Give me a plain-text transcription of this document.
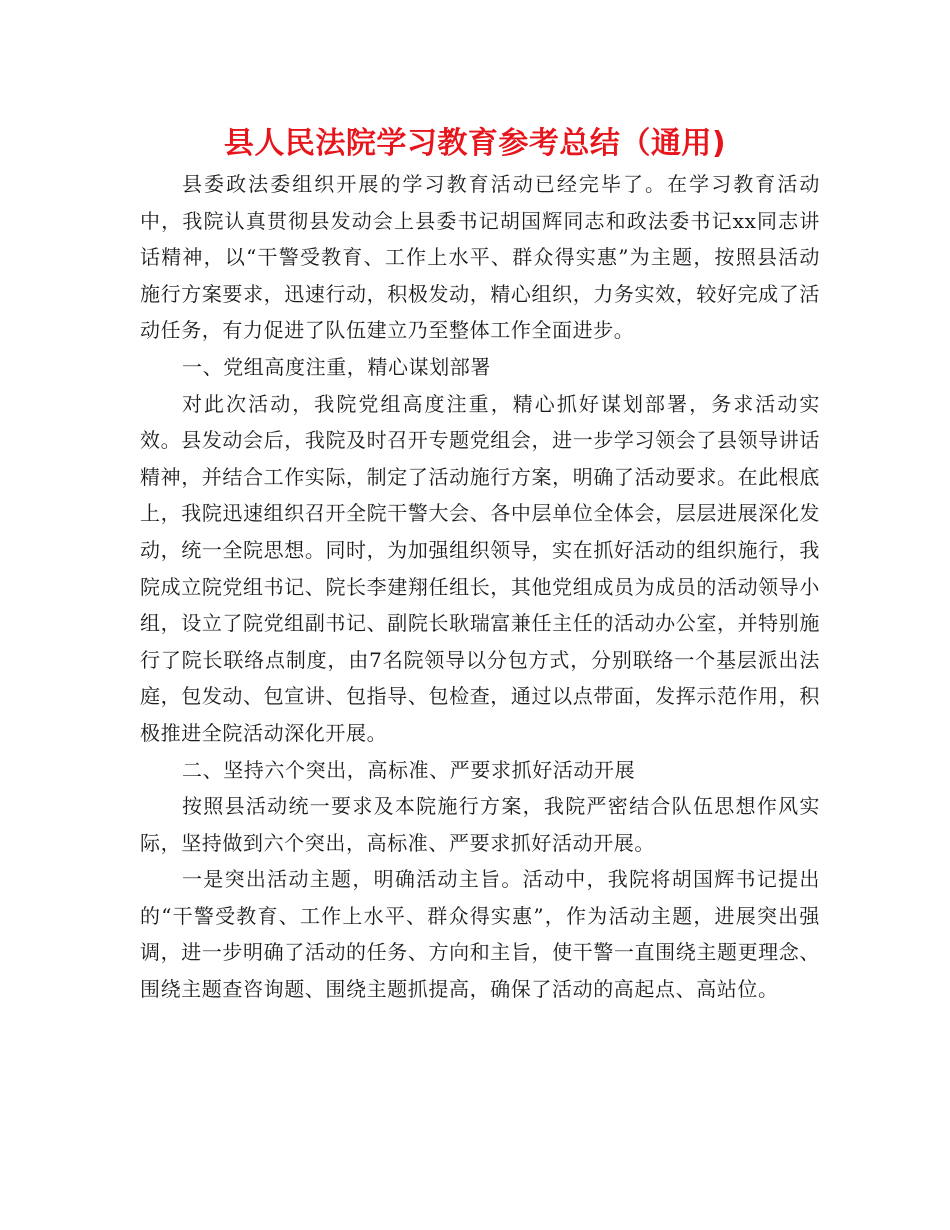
县人民法院学习教育参考总结（通用)

县委政法委组织开展的学习教育活动已经完毕了。在学习教育活动中，我院认真贯彻县发动会上县委书记胡国辉同志和政法委书记xx同志讲话精神，以“干警受教育、工作上水平、群众得实惠”为主题，按照县活动施行方案要求，迅速行动，积极发动，精心组织，力务实效，较好完成了活动任务，有力促进了队伍建立乃至整体工作全面进步。

一、党组高度注重，精心谋划部署

对此次活动，我院党组高度注重，精心抓好谋划部署，务求活动实效。县发动会后，我院及时召开专题党组会，进一步学习领会了县领导讲话精神，并结合工作实际，制定了活动施行方案，明确了活动要求。在此根底上，我院迅速组织召开全院干警大会、各中层单位全体会，层层进展深化发动，统一全院思想。同时，为加强组织领导，实在抓好活动的组织施行，我院成立院党组书记、院长李建翔任组长，其他党组成员为成员的活动领导小组，设立了院党组副书记、副院长耿瑞富兼任主任的活动办公室，并特别施行了院长联络点制度，由7名院领导以分包方式，分别联络一个基层派出法庭，包发动、包宣讲、包指导、包检查，通过以点带面，发挥示范作用，积极推进全院活动深化开展。

二、坚持六个突出，高标准、严要求抓好活动开展

按照县活动统一要求及本院施行方案，我院严密结合队伍思想作风实际，坚持做到六个突出，高标准、严要求抓好活动开展。

一是突出活动主题，明确活动主旨。活动中，我院将胡国辉书记提出的“干警受教育、工作上水平、群众得实惠”，作为活动主题，进展突出强调，进一步明确了活动的任务、方向和主旨，使干警一直围绕主题更理念、围绕主题查咨询题、围绕主题抓提高，确保了活动的高起点、高站位。
